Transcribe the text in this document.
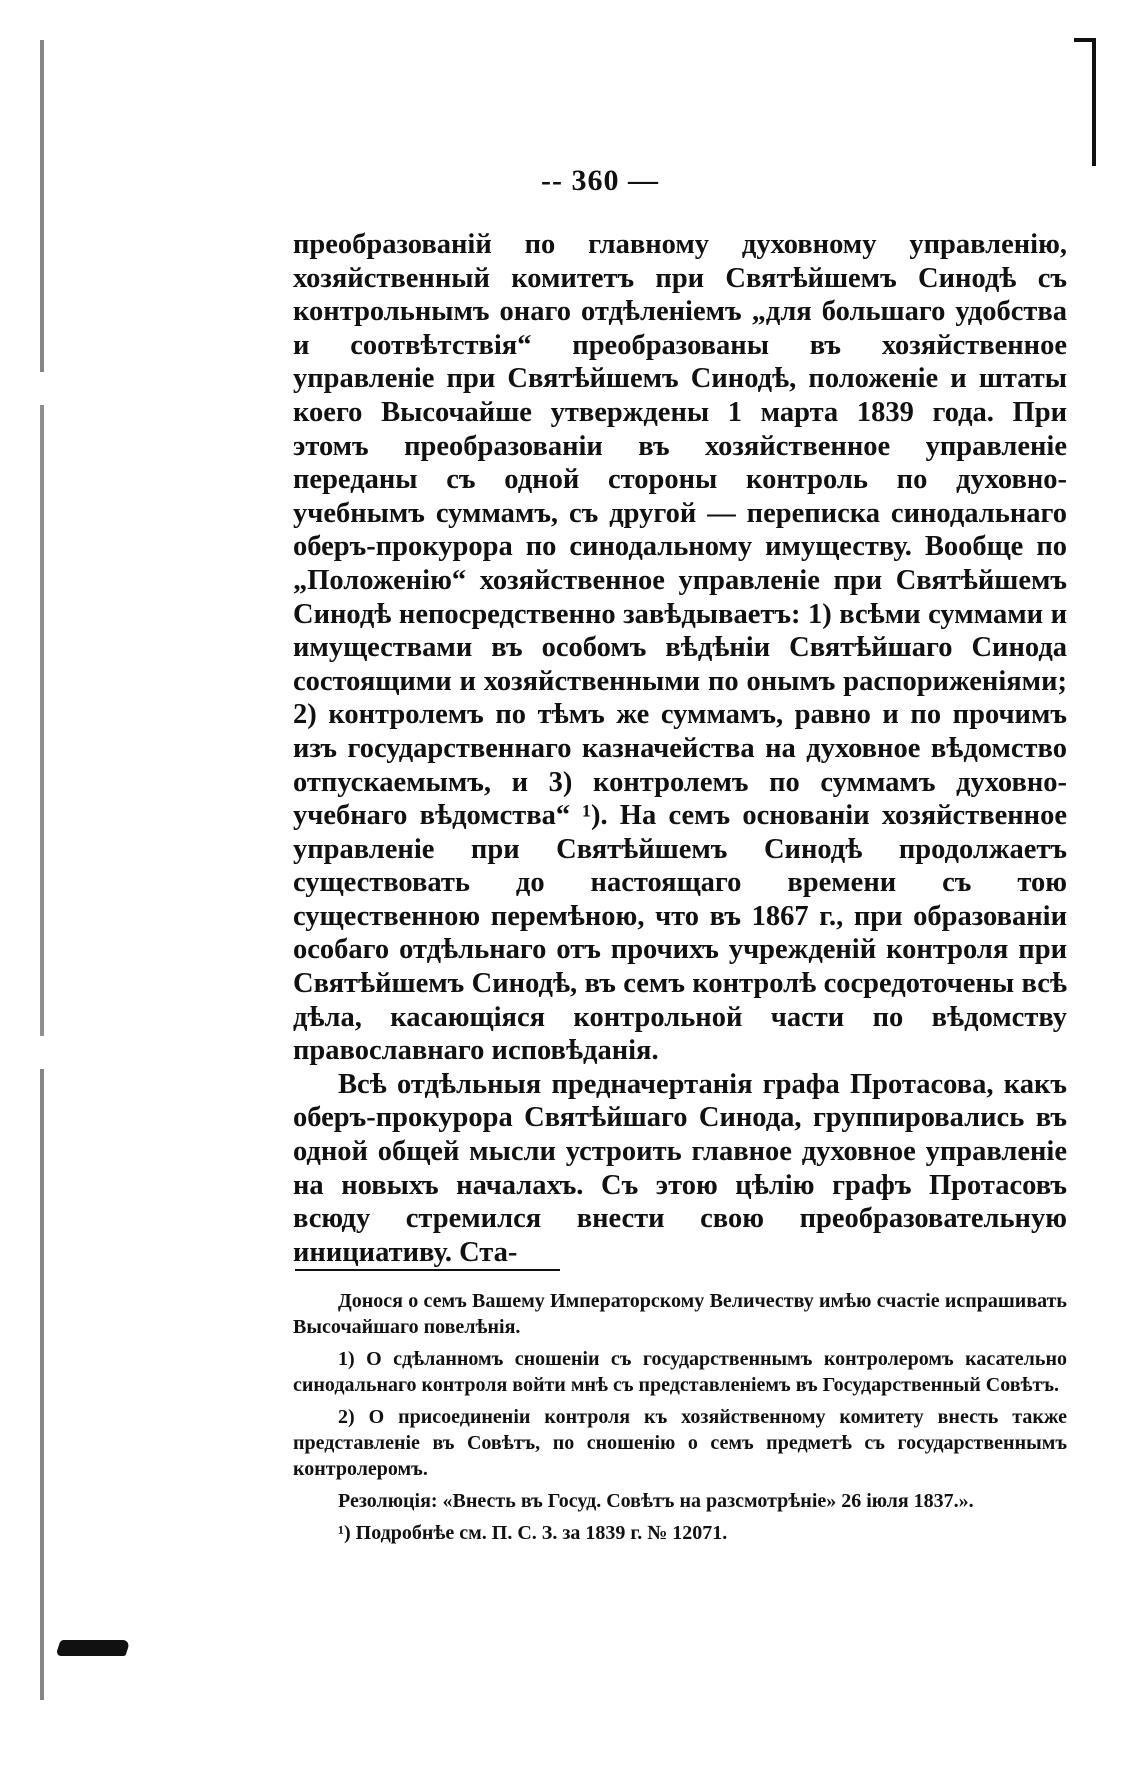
-- 360 —

преобразованій по главному духовному управленію, хозяйственный комитетъ при Святѣйшемъ Синодѣ съ контрольнымъ онаго отдѣленіемъ „для большаго удобства и соотвѣтствія“ преобразованы въ хозяйственное управленіе при Святѣйшемъ Синодѣ, положеніе и штаты коего Высочайше утверждены 1 марта 1839 года. При этомъ преобразованіи въ хозяйственное управленіе переданы съ одной стороны контроль по духовно-учебнымъ суммамъ, съ другой — переписка синодальнаго оберъ-прокурора по синодальному имуществу. Вообще по „Положенію“ хозяйственное управленіе при Святѣйшемъ Синодѣ непосредственно завѣдываетъ: 1) всѣми суммами и имуществами въ особомъ вѣдѣніи Святѣйшаго Синода состоящими и хозяйственными по онымъ распориженіями; 2) контролемъ по тѣмъ же суммамъ, равно и по прочимъ изъ государственнаго казначейства на духовное вѣдомство отпускаемымъ, и 3) контролемъ по суммамъ духовно-учебнаго вѣдомства“ ¹). На семъ основаніи хозяйственное управленіе при Святѣйшемъ Синодѣ продолжаетъ существовать до настоящаго времени съ тою существенною перемѣною, что въ 1867 г., при образованіи особаго отдѣльнаго отъ прочихъ учрежденій контроля при Святѣйшемъ Синодѣ, въ семъ контролѣ сосредоточены всѣ дѣла, касающіяся контрольной части по вѣдомству православнаго исповѣданія.

Всѣ отдѣльныя предначертанія графа Протасова, какъ оберъ-прокурора Святѣйшаго Синода, группировались въ одной общей мысли устроить главное духовное управленіе на новыхъ началахъ. Съ этою цѣлію графъ Протасовъ всюду стремился внести свою преобразовательную инициативу. Ста-

Донося о семъ Вашему Императорскому Величеству имѣю счастіе испрашивать Высочайшаго повелѣнія.

1) О сдѣланномъ сношеніи съ государственнымъ контролеромъ касательно синодальнаго контроля войти мнѣ съ представленіемъ въ Государственный Совѣтъ.

2) О присоединеніи контроля къ хозяйственному комитету внесть также представленіе въ Совѣтъ, по сношенію о семъ предметѣ съ государственнымъ контролеромъ.

Резолюція: «Внесть въ Госуд. Совѣтъ на разсмотрѣніе» 26 іюля 1837.».

¹) Подробнѣе см. П. С. З. за 1839 г. № 12071.
